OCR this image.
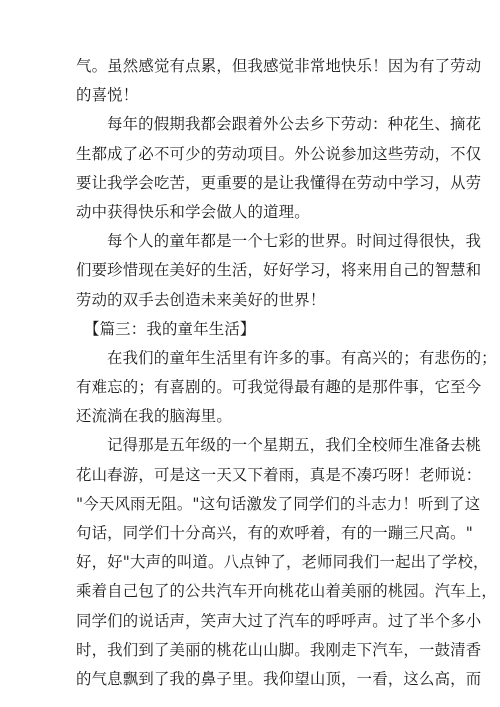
气。虽然感觉有点累，但我感觉非常地快乐！因为有了劳动
的喜悦！
每年的假期我都会跟着外公去乡下劳动：种花生、摘花
生都成了必不可少的劳动项目。外公说参加这些劳动，不仅
要让我学会吃苦，更重要的是让我懂得在劳动中学习，从劳
动中获得快乐和学会做人的道理。
每个人的童年都是一个七彩的世界。时间过得很快，我
们要珍惜现在美好的生活，好好学习，将来用自己的智慧和
劳动的双手去创造未来美好的世界！
【篇三：我的童年生活】
在我们的童年生活里有许多的事。有高兴的；有悲伤的；
有难忘的；有喜剧的。可我觉得最有趣的是那件事，它至今
还流淌在我的脑海里。
记得那是五年级的一个星期五，我们全校师生准备去桃
花山春游，可是这一天又下着雨，真是不凑巧呀！老师说：
"今天风雨无阻。"这句话激发了同学们的斗志力！听到了这
句话，同学们十分高兴，有的欢呼着，有的一蹦三尺高。"
好，好"大声的叫道。八点钟了，老师同我们一起出了学校，
乘着自己包了的公共汽车开向桃花山着美丽的桃园。汽车上，
同学们的说话声，笑声大过了汽车的呼呼声。过了半个多小
时，我们到了美丽的桃花山山脚。我刚走下汽车，一鼓清香
的气息飘到了我的鼻子里。我仰望山顶，一看，这么高，而
